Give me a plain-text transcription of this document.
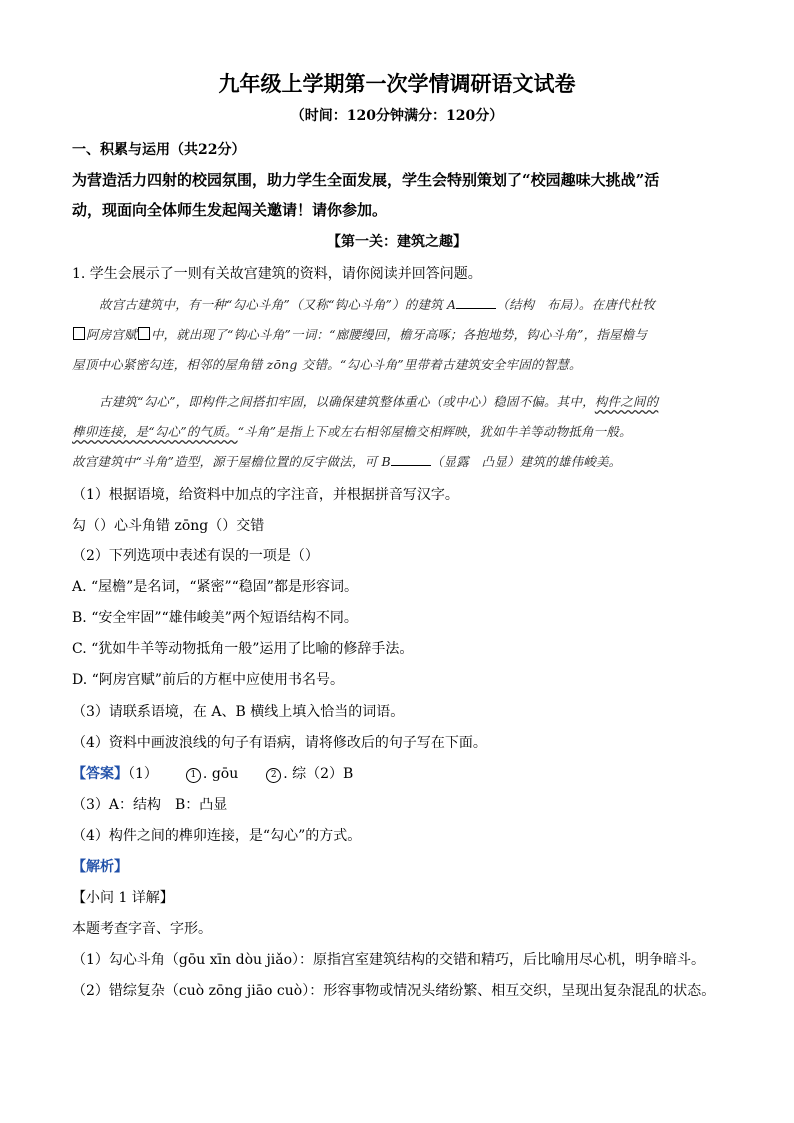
九年级上学期第一次学情调研语文试卷
（时间：120分钟满分：120分）
一、积累与运用（共22分）
为营造活力四射的校园氛围，助力学生全面发展，学生会特别策划了“校园趣味大挑战”活
动，现面向全体师生发起闯关邀请！请你参加。
【第一关：建筑之趣】
1. 学生会展示了一则有关故宫建筑的资料，请你阅读并回答问题。
故宫古建筑中，有一种“勾心斗角”（又称“钩心斗角”）的建筑 A	（结构　布局）。在唐代杜牧
阿房宫赋 中，就出现了“钩心斗角”一词：“廊腰缦回，檐牙高啄；各抱地势，钩心斗角”，指屋檐与
屋顶中心紧密勾连，相邻的屋角错 zōng 交错。“勾心斗角”里带着古建筑安全牢固的智慧。
古建筑“勾心”，即构件之间搭扣牢固，以确保建筑整体重心（或中心）稳固不偏。其中，构件之间的
榫卯连接，是“勾心”的气质。“斗角”是指上下或左右相邻屋檐交相辉映，犹如牛羊等动物抵角一般。
故宫建筑中“斗角”造型，源于屋檐位置的反宇做法，可 B	（显露　凸显）建筑的雄伟峻美。
（1）根据语境，给资料中加点的字注音，并根据拼音写汉字。
勾（）心斗角错 zōng（）交错
（2）下列选项中表述有误的一项是（）
A. “屋檐”是名词，“紧密”“稳固”都是形容词。
B. “安全牢固”“雄伟峻美”两个短语结构不同。
C. “犹如牛羊等动物抵角一般”运用了比喻的修辞手法。
D. “阿房宫赋”前后的方框中应使用书名号。
（3）请联系语境，在 A、B 横线上填入恰当的词语。
（4）资料中画波浪线的句子有语病，请将修改后的句子写在下面。
【答案】（1）	1 . gōu	2 . 综（2）B
（3）A：结构　B：凸显
（4）构件之间的榫卯连接，是“勾心”的方式。
【解析】
【小问 1 详解】
本题考查字音、字形。
（1）勾心斗角（gōu xīn dòu jiǎo）：原指宫室建筑结构的交错和精巧，后比喻用尽心机，明争暗斗。
（2）错综复杂（cuò zōng jiāo cuò）：形容事物或情况头绪纷繁、相互交织，呈现出复杂混乱的状态。
